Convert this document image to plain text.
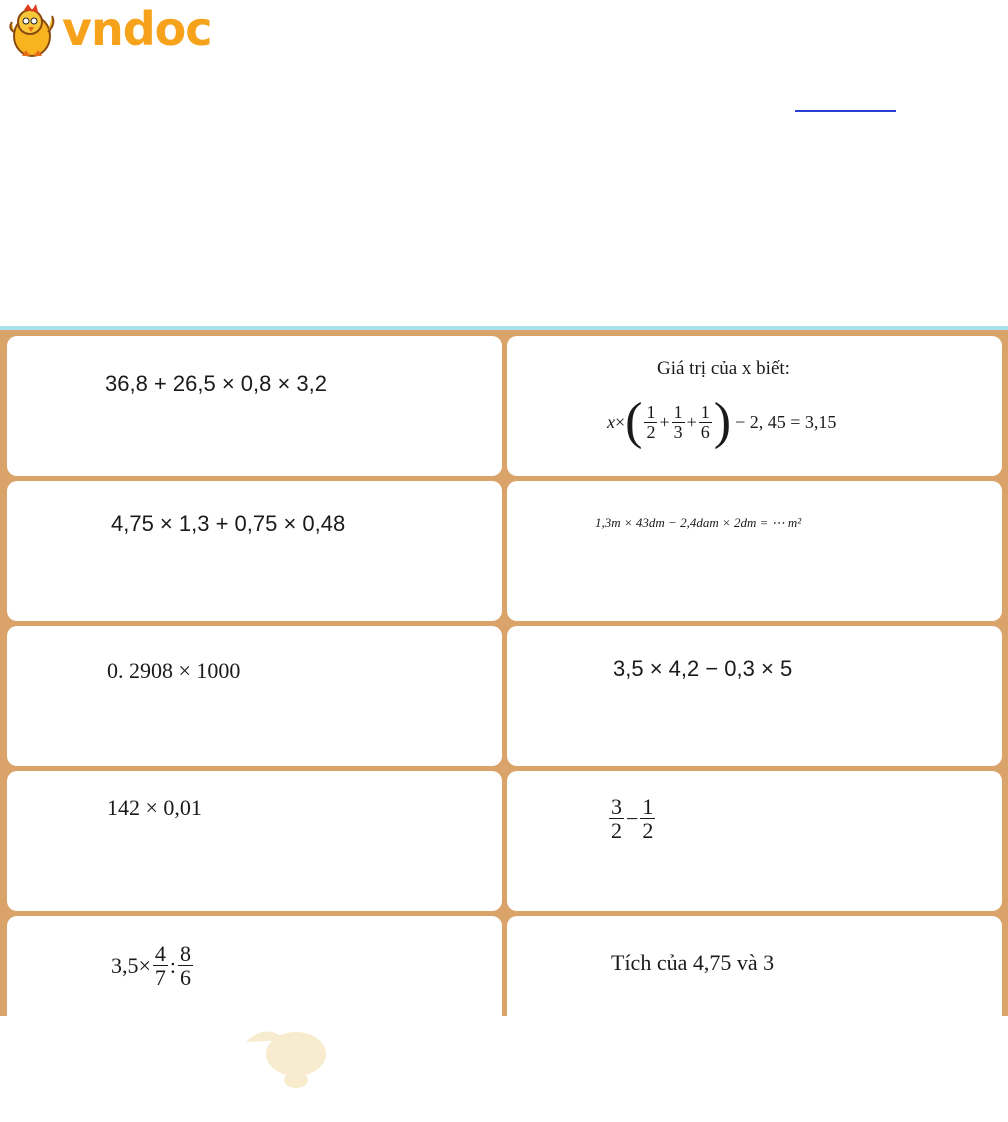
vndoc
36,8 + 26,5 × 0,8 × 3,2
Giá trị của x biết:
x × ( $\frac{1}{2} + \frac{1}{3} + \frac{1}{6}$ ) − 2, 45 = 3,15
4,75 × 1,3 + 0,75 × 0,48	1,3m × 43dm − 2,4dam × 2dm = ⋯ m²
0. 2908 × 1000	3,5 × 4,2 − 0,3 × 5
142 × 0,01	$\frac{3}{2} - \frac{1}{2}$
$3,5\times \frac{4}{7}$ : $\frac{8}{6}$	Tích của 4,75 và 3
